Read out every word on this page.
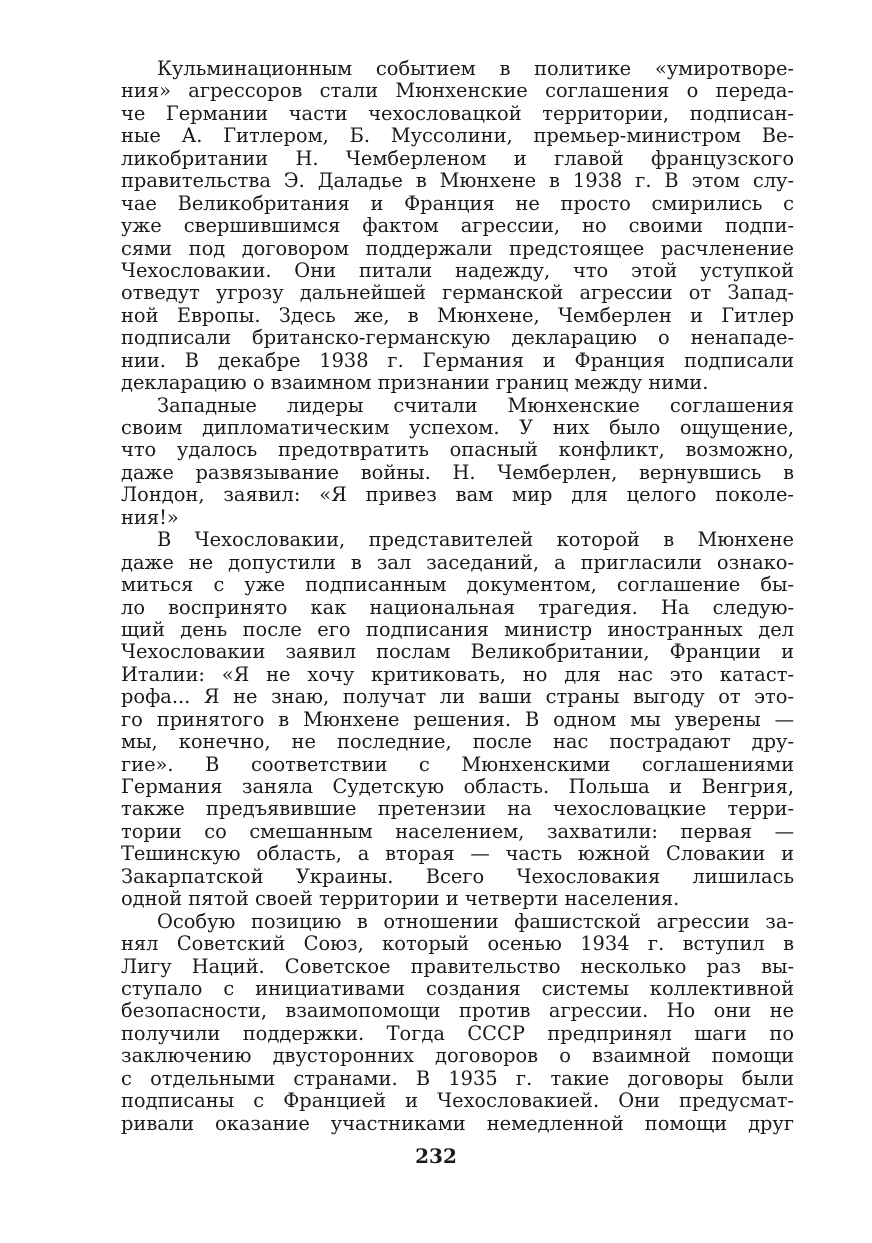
Кульминационным событием в политике «умиротворе-
ния» агрессоров стали Мюнхенские соглашения о переда-
че Германии части чехословацкой территории, подписан-
ные А. Гитлером, Б. Муссолини, премьер-министром Ве-
ликобритании Н. Чемберленом и главой французского
правительства Э. Даладье в Мюнхене в 1938 г. В этом слу-
чае Великобритания и Франция не просто смирились с
уже свершившимся фактом агрессии, но своими подпи-
сями под договором поддержали предстоящее расчленение
Чехословакии. Они питали надежду, что этой уступкой
отведут угрозу дальнейшей германской агрессии от Запад-
ной Европы. Здесь же, в Мюнхене, Чемберлен и Гитлер
подписали британско-германскую декларацию о ненападе-
нии. В декабре 1938 г. Германия и Франция подписали
декларацию о взаимном признании границ между ними.
Западные лидеры считали Мюнхенские соглашения
своим дипломатическим успехом. У них было ощущение,
что удалось предотвратить опасный конфликт, возможно,
даже развязывание войны. Н. Чемберлен, вернувшись в
Лондон, заявил: «Я привез вам мир для целого поколе-
ния!»
В Чехословакии, представителей которой в Мюнхене
даже не допустили в зал заседаний, а пригласили ознако-
миться с уже подписанным документом, соглашение бы-
ло воспринято как национальная трагедия. На следую-
щий день после его подписания министр иностранных дел
Чехословакии заявил послам Великобритании, Франции и
Италии: «Я не хочу критиковать, но для нас это катаст-
рофа... Я не знаю, получат ли ваши страны выгоду от это-
го принятого в Мюнхене решения. В одном мы уверены —
мы, конечно, не последние, после нас пострадают дру-
гие». В соответствии с Мюнхенскими соглашениями
Германия заняла Судетскую область. Польша и Венгрия,
также предъявившие претензии на чехословацкие терри-
тории со смешанным населением, захватили: первая —
Тешинскую область, а вторая — часть южной Словакии и
Закарпатской Украины. Всего Чехословакия лишилась
одной пятой своей территории и четверти населения.
Особую позицию в отношении фашистской агрессии за-
нял Советский Союз, который осенью 1934 г. вступил в
Лигу Наций. Советское правительство несколько раз вы-
ступало с инициативами создания системы коллективной
безопасности, взаимопомощи против агрессии. Но они не
получили поддержки. Тогда СССР предпринял шаги по
заключению двусторонних договоров о взаимной помощи
с отдельными странами. В 1935 г. такие договоры были
подписаны с Францией и Чехословакией. Они предусмат-
ривали оказание участниками немедленной помощи друг
232
